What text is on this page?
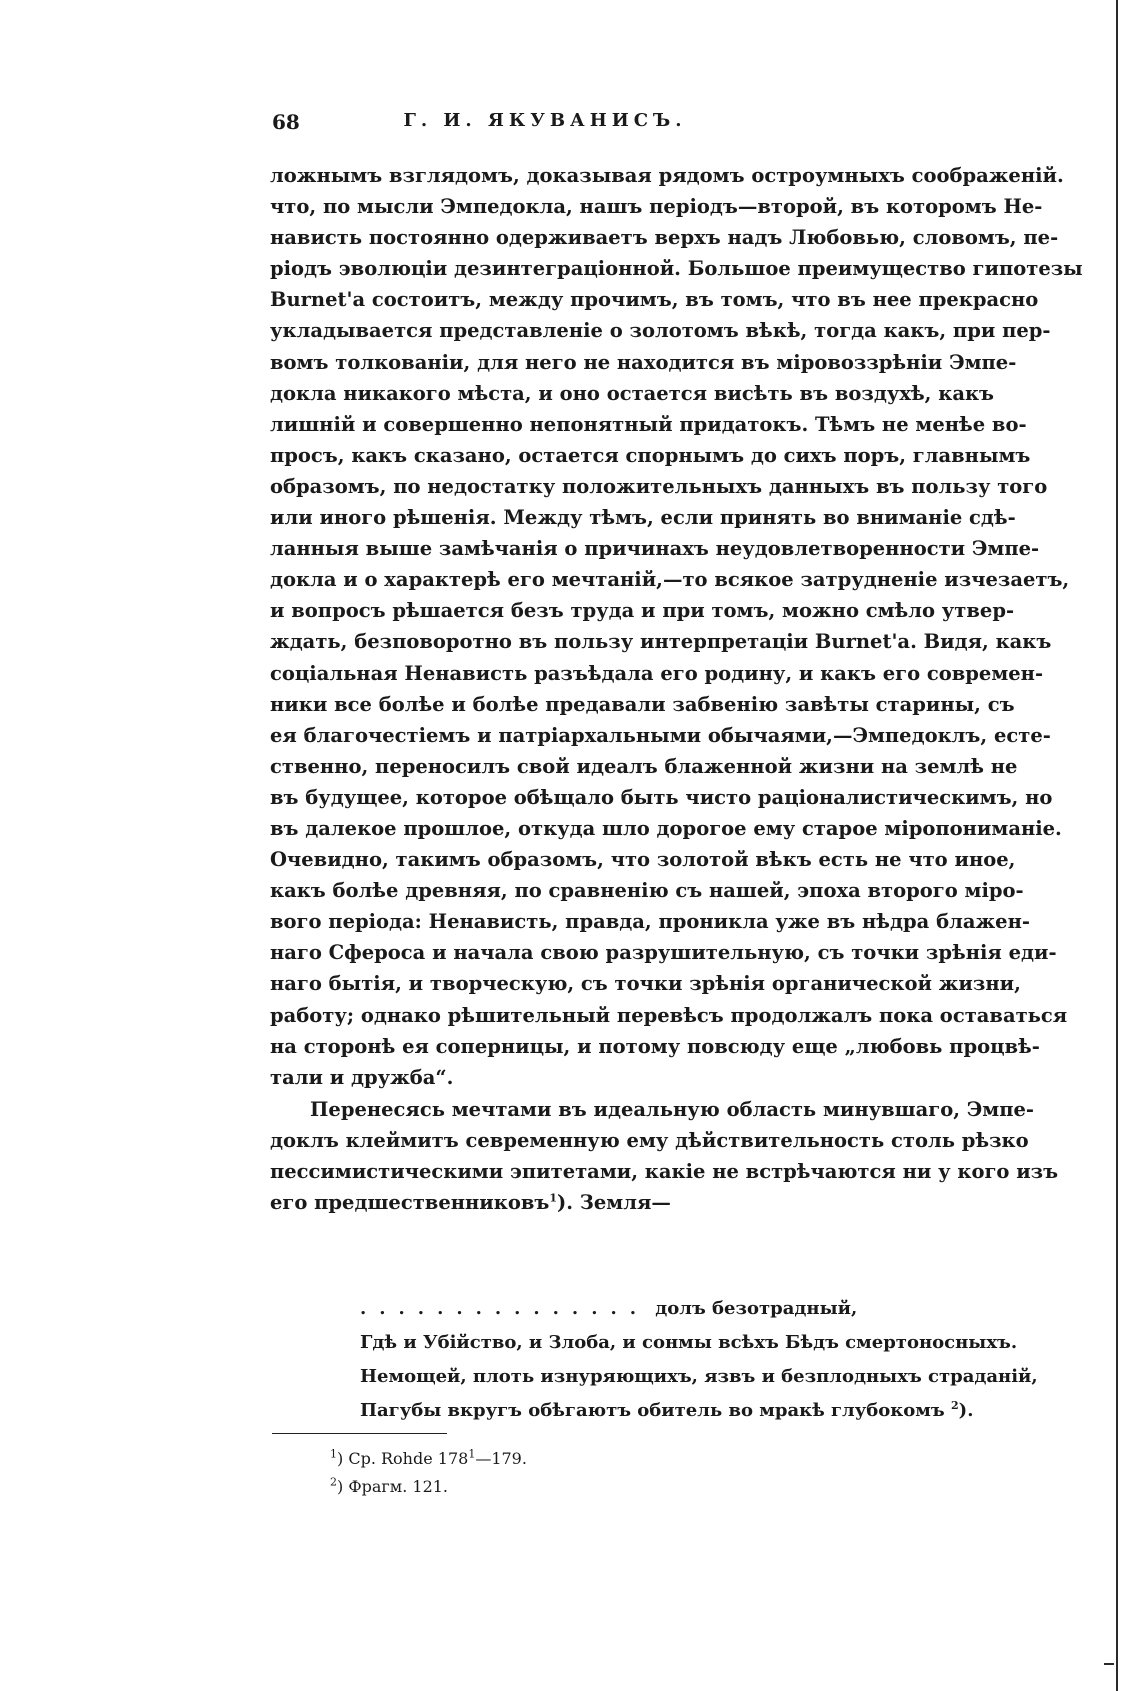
68	Г. И. ЯКУВАНИСЪ.
ложнымъ взглядомъ, доказывая рядомъ остроумныхъ соображеній.
что, по мысли Эмпедокла, нашъ періодъ—второй, въ которомъ Не-
нависть постоянно одерживаетъ верхъ надъ Любовью, словомъ, пе-
ріодъ эволюціи дезинтеграціонной. Большое преимущество гипотезы
Burnet'a состоитъ, между прочимъ, въ томъ, что въ нее прекрасно
укладывается представленіе о золотомъ вѣкѣ, тогда какъ, при пер-
вомъ толкованіи, для него не находится въ міровоззрѣніи Эмпе-
докла никакого мѣста, и оно остается висѣть въ воздухѣ, какъ
лишній и совершенно непонятный придатокъ. Тѣмъ не менѣе во-
просъ, какъ сказано, остается спорнымъ до сихъ поръ, главнымъ
образомъ, по недостатку положительныхъ данныхъ въ пользу того
или иного рѣшенія. Между тѣмъ, если принять во вниманіе сдѣ-
ланныя выше замѣчанія о причинахъ неудовлетворенности Эмпе-
докла и о характерѣ его мечтаній,—то всякое затрудненіе изчезаетъ,
и вопросъ рѣшается безъ труда и при томъ, можно смѣло утвер-
ждать, безповоротно въ пользу интерпретаціи Burnet'a. Видя, какъ
соціальная Ненависть разъѣдала его родину, и какъ его современ-
ники все болѣе и болѣе предавали забвенію завѣты старины, съ
ея благочестіемъ и патріархальными обычаями,—Эмпедоклъ, есте-
ственно, переносилъ свой идеалъ блаженной жизни на землѣ не
въ будущее, которое обѣщало быть чисто раціоналистическимъ, но
въ далекое прошлое, откуда шло дорогое ему старое міропониманіе.
Очевидно, такимъ образомъ, что золотой вѣкъ есть не что иное,
какъ болѣе древняя, по сравненію съ нашей, эпоха второго міро-
вого періода: Ненависть, правда, проникла уже въ нѣдра блажен-
наго Сфероса и начала свою разрушительную, съ точки зрѣнія еди-
наго бытія, и творческую, съ точки зрѣнія органической жизни,
работу; однако рѣшительный перевѣсъ продолжалъ пока оставаться
на сторонѣ ея соперницы, и потому повсюду еще „любовь процвѣ-
тали и дружба“.
Перенесясь мечтами въ идеальную область минувшаго, Эмпе-
доклъ клеймитъ севременную ему дѣйствительность столь рѣзко
пессимистическими эпитетами, какіе не встрѣчаются ни у кого изъ
его предшественниковъ$^1$). Земля—
............... долъ безотрадный,
Гдѣ и Убійство, и Злоба, и сонмы всѣхъ Бѣдъ смертоносныхъ.
Немощей, плоть изнуряющихъ, язвъ и безплодныхъ страданій,
Пагубы вкругъ обѣгаютъ обитель во мракѣ глубокомъ $^2$).
$^1$) Cp. Rohde $178^1—179$.
$^2$) Фрагм. 121.
